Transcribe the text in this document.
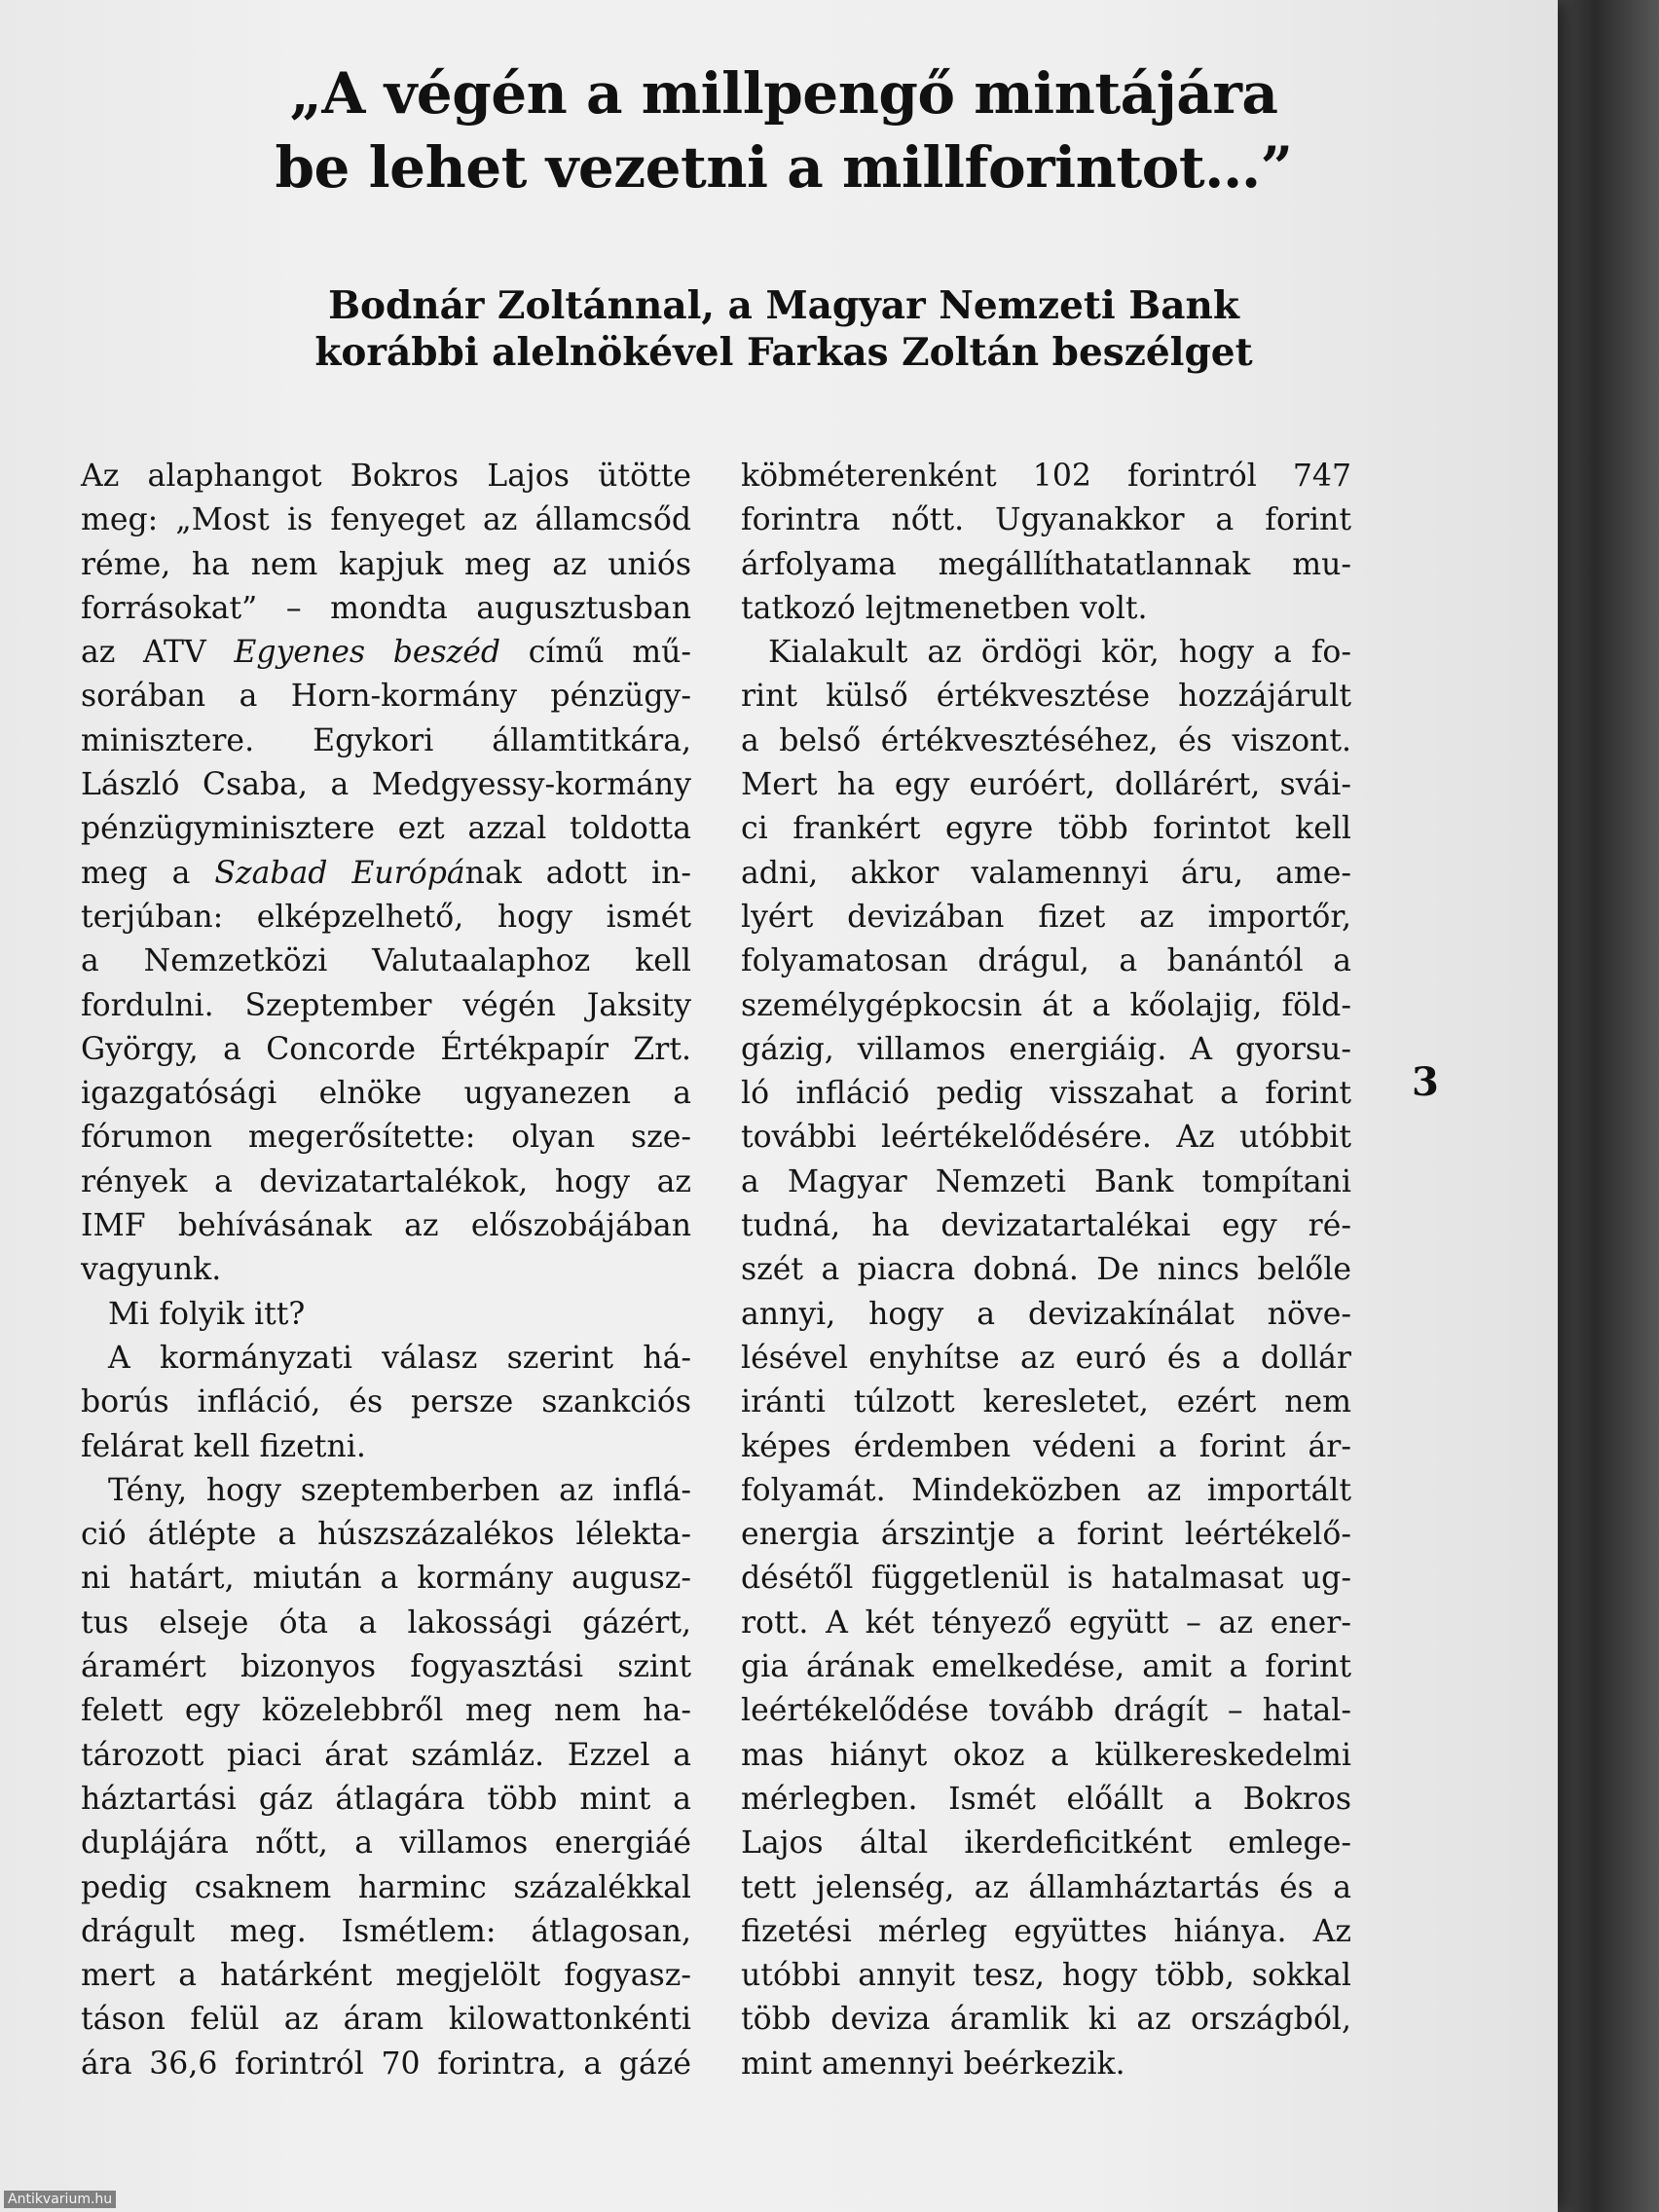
„A végén a millpengő mintájára
be lehet vezetni a millforintot…”
Bodnár Zoltánnal, a Magyar Nemzeti Bank
korábbi alelnökével Farkas Zoltán beszélget
Az alaphangot Bokros Lajos ütötte
meg: „Most is fenyeget az államcsőd
réme, ha nem kapjuk meg az uniós
forrásokat” – mondta augusztusban
az ATV Egyenes beszéd című mű-
sorában a Horn-kormány pénzügy-
minisztere. Egykori államtitkára,
László Csaba, a Medgyessy-kormány
pénzügyminisztere ezt azzal toldotta
meg a Szabad Európának adott in-
terjúban: elképzelhető, hogy ismét
a Nemzetközi Valutaalaphoz kell
fordulni. Szeptember végén Jaksity
György, a Concorde Értékpapír Zrt.
igazgatósági elnöke ugyanezen a
fórumon megerősítette: olyan sze-
rények a devizatartalékok, hogy az
IMF behívásának az előszobájában
vagyunk.
Mi folyik itt?
A kormányzati válasz szerint há-
borús infláció, és persze szankciós
felárat kell fizetni.
Tény, hogy szeptemberben az inflá-
ció átlépte a húszszázalékos lélekta-
ni határt, miután a kormány augusz-
tus elseje óta a lakossági gázért,
áramért bizonyos fogyasztási szint
felett egy közelebbről meg nem ha-
tározott piaci árat számláz. Ezzel a
háztartási gáz átlagára több mint a
duplájára nőtt, a villamos energiáé
pedig csaknem harminc százalékkal
drágult meg. Ismétlem: átlagosan,
mert a határként megjelölt fogyasz-
táson felül az áram kilowattonkénti
ára 36,6 forintról 70 forintra, a gázé
köbméterenként 102 forintról 747
forintra nőtt. Ugyanakkor a forint
árfolyama megállíthatatlannak mu-
tatkozó lejtmenetben volt.
Kialakult az ördögi kör, hogy a fo-
rint külső értékvesztése hozzájárult
a belső értékvesztéséhez, és viszont.
Mert ha egy euróért, dollárért, svái-
ci frankért egyre több forintot kell
adni, akkor valamennyi áru, ame-
lyért devizában fizet az importőr,
folyamatosan drágul, a banántól a
személygépkocsin át a kőolajig, föld-
gázig, villamos energiáig. A gyorsu-
ló infláció pedig visszahat a forint
további leértékelődésére. Az utóbbit
a Magyar Nemzeti Bank tompítani
tudná, ha devizatartalékai egy ré-
szét a piacra dobná. De nincs belőle
annyi, hogy a devizakínálat növe-
lésével enyhítse az euró és a dollár
iránti túlzott keresletet, ezért nem
képes érdemben védeni a forint ár-
folyamát. Mindeközben az importált
energia árszintje a forint leértékelő-
désétől függetlenül is hatalmasat ug-
rott. A két tényező együtt – az ener-
gia árának emelkedése, amit a forint
leértékelődése tovább drágít – hatal-
mas hiányt okoz a külkereskedelmi
mérlegben. Ismét előállt a Bokros
Lajos által ikerdeficitként emlege-
tett jelenség, az államháztartás és a
fizetési mérleg együttes hiánya. Az
utóbbi annyit tesz, hogy több, sokkal
több deviza áramlik ki az országból,
mint amennyi beérkezik.
3
Antikvarium.hu
